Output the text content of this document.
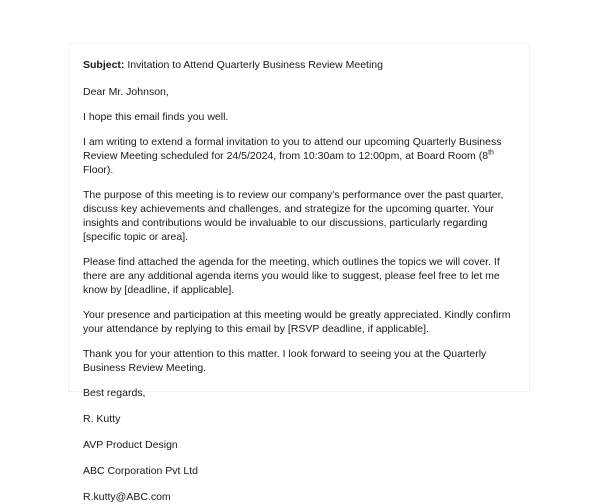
Subject: Invitation to Attend Quarterly Business Review Meeting

Dear Mr. Johnson,

I hope this email finds you well.

I am writing to extend a formal invitation to you to attend our upcoming Quarterly Business Review Meeting scheduled for 24/5/2024, from 10:30am to 12:00pm, at Board Room (8th Floor).

The purpose of this meeting is to review our company's performance over the past quarter, discuss key achievements and challenges, and strategize for the upcoming quarter. Your insights and contributions would be invaluable to our discussions, particularly regarding [specific topic or area].

Please find attached the agenda for the meeting, which outlines the topics we will cover. If there are any additional agenda items you would like to suggest, please feel free to let me know by [deadline, if applicable].

Your presence and participation at this meeting would be greatly appreciated. Kindly confirm your attendance by replying to this email by [RSVP deadline, if applicable].

Thank you for your attention to this matter. I look forward to seeing you at the Quarterly Business Review Meeting.

Best regards,

R. Kutty

AVP Product Design

ABC Corporation Pvt Ltd

R.kutty@ABC.com
